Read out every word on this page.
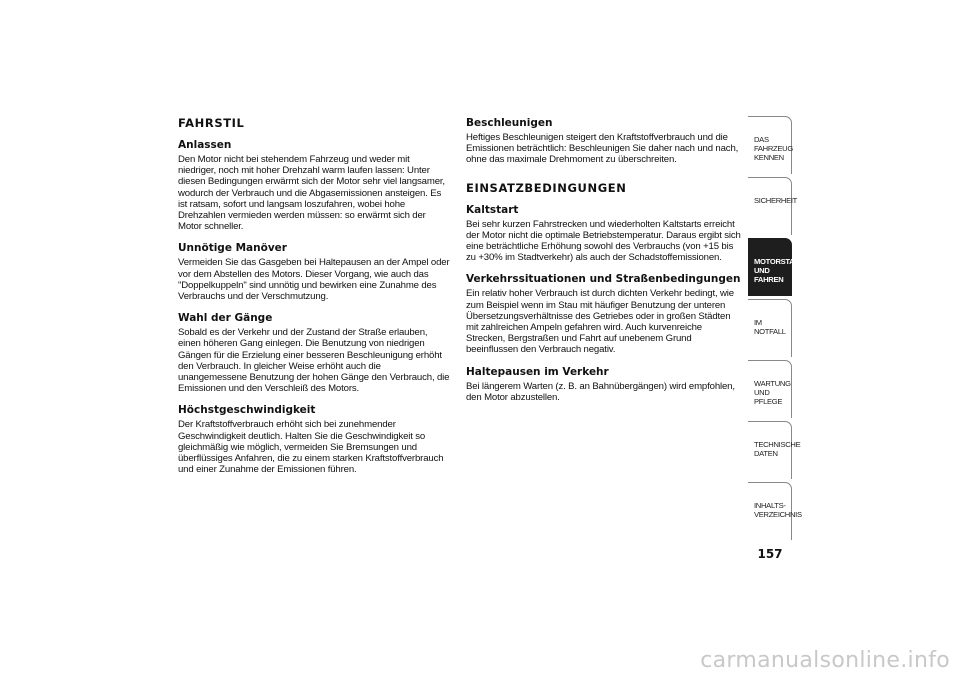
FAHRSTIL
Anlassen

Den Motor nicht bei stehendem Fahrzeug und weder mit niedriger, noch mit hoher Drehzahl warm laufen lassen: Unter diesen Bedingungen erwärmt sich der Motor sehr viel langsamer, wodurch der Verbrauch und die Abgasemissionen ansteigen. Es ist ratsam, sofort und langsam loszufahren, wobei hohe Drehzahlen vermieden werden müssen: so erwärmt sich der Motor schneller.

Unnötige Manöver

Vermeiden Sie das Gasgeben bei Haltepausen an der Ampel oder vor dem Abstellen des Motors. Dieser Vorgang, wie auch das "Doppelkuppeln" sind unnötig und bewirken eine Zunahme des Verbrauchs und der Verschmutzung.

Wahl der Gänge

Sobald es der Verkehr und der Zustand der Straße erlauben, einen höheren Gang einlegen. Die Benutzung von niedrigen Gängen für die Erzielung einer besseren Beschleunigung erhöht den Verbrauch. In gleicher Weise erhöht auch die unangemessene Benutzung der hohen Gänge den Verbrauch, die Emissionen und den Verschleiß des Motors.

Höchstgeschwindigkeit

Der Kraftstoffverbrauch erhöht sich bei zunehmender Geschwindigkeit deutlich. Halten Sie die Geschwindigkeit so gleichmäßig wie möglich, vermeiden Sie Bremsungen und überflüssiges Anfahren, die zu einem starken Kraftstoffverbrauch und einer Zunahme der Emissionen führen.

Beschleunigen

Heftiges Beschleunigen steigert den Kraftstoffverbrauch und die Emissionen beträchtlich: Beschleunigen Sie daher nach und nach, ohne das maximale Drehmoment zu überschreiten.

EINSATZBEDINGUNGEN
Kaltstart

Bei sehr kurzen Fahrstrecken und wiederholten Kaltstarts erreicht der Motor nicht die optimale Betriebstemperatur. Daraus ergibt sich eine beträchtliche Erhöhung sowohl des Verbrauchs (von +15 bis zu +30% im Stadtverkehr) als auch der Schadstoffemissionen.

Verkehrssituationen und Straßenbedingungen

Ein relativ hoher Verbrauch ist durch dichten Verkehr bedingt, wie zum Beispiel wenn im Stau mit häufiger Benutzung der unteren Übersetzungsverhältnisse des Getriebes oder in großen Städten mit zahlreichen Ampeln gefahren wird. Auch kurvenreiche Strecken, Bergstraßen und Fahrt auf unebenem Grund beeinflussen den Verbrauch negativ.

Haltepausen im Verkehr

Bei längerem Warten (z. B. an Bahnübergängen) wird empfohlen, den Motor abzustellen.

DAS FAHRZEUG KENNEN
SICHERHEIT
MOTORSTART UND FAHREN
IM NOTFALL
WARTUNG UND PFLEGE
TECHNISCHE DATEN
INHALTS-VERZEICHNIS
157
carmanualsonline.info
